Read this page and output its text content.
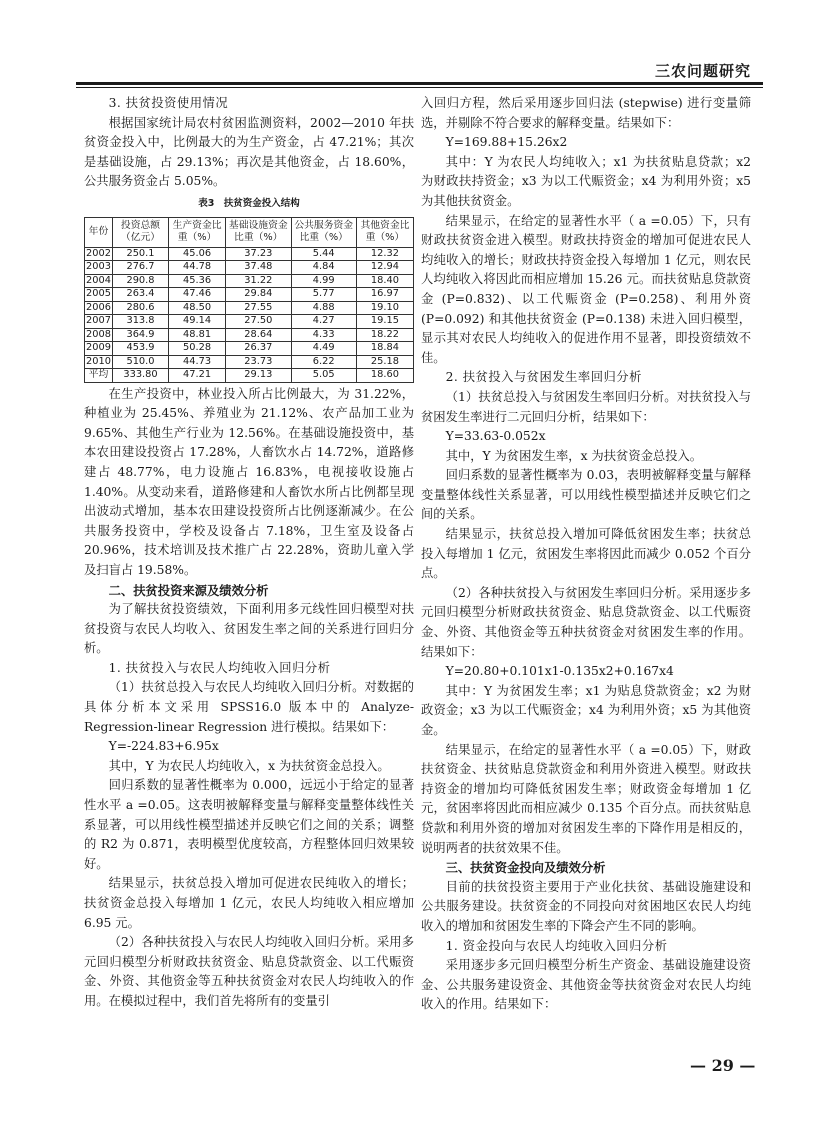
三农问题研究

3. 扶贫投资使用情况

根据国家统计局农村贫困监测资料，2002—2010 年扶贫资金投入中，比例最大的为生产资金，占 47.21%；其次是基础设施，占 29.13%；再次是其他资金，占 18.60%，公共服务资金占 5.05%。

表3　扶贫资金投入结构
年份	投资总额（亿元）	生产资金比重（%）	基础设施资金比重（%）	公共服务资金比重（%）	其他资金比重（%）
2002	250.1	45.06	37.23	5.44	12.32
2003	276.7	44.78	37.48	4.84	12.94
2004	290.8	45.36	31.22	4.99	18.40
2005	263.4	47.46	29.84	5.77	16.97
2006	280.6	48.50	27.55	4.88	19.10
2007	313.8	49.14	27.50	4.27	19.15
2008	364.9	48.81	28.64	4.33	18.22
2009	453.9	50.28	26.37	4.49	18.84
2010	510.0	44.73	23.73	6.22	25.18
平均	333.80	47.21	29.13	5.05	18.60

在生产投资中，林业投入所占比例最大，为 31.22%，种植业为 25.45%、养殖业为 21.12%、农产品加工业为 9.65%、其他生产行业为 12.56%。在基础设施投资中，基本农田建设投资占 17.28%，人畜饮水占 14.72%，道路修建占 48.77%，电力设施占 16.83%，电视接收设施占 1.40%。从变动来看，道路修建和人畜饮水所占比例都呈现出波动式增加，基本农田建设投资所占比例逐渐减少。在公共服务投资中，学校及设备占 7.18%，卫生室及设备占 20.96%，技术培训及技术推广占 22.28%，资助儿童入学及扫盲占 19.58%。

二、扶贫投资来源及绩效分析

为了解扶贫投资绩效，下面利用多元线性回归模型对扶贫投资与农民人均收入、贫困发生率之间的关系进行回归分析。

1. 扶贫投入与农民人均纯收入回归分析

（1）扶贫总投入与农民人均纯收入回归分析。对数据的具体分析本文采用 SPSS16.0 版本中的 Analyze-Regression-linear Regression 进行模拟。结果如下：

Y=-224.83+6.95x

其中，Y 为农民人均纯收入，x 为扶贫资金总投入。

回归系数的显著性概率为 0.000，远远小于给定的显著性水平 a =0.05。这表明被解释变量与解释变量整体线性关系显著，可以用线性模型描述并反映它们之间的关系；调整的 R2 为 0.871，表明模型优度较高，方程整体回归效果较好。

结果显示，扶贫总投入增加可促进农民纯收入的增长；扶贫资金总投入每增加 1 亿元，农民人均纯收入相应增加 6.95 元。

（2）各种扶贫投入与农民人均纯收入回归分析。采用多元回归模型分析财政扶贫资金、贴息贷款资金、以工代赈资金、外资、其他资金等五种扶贫资金对农民人均纯收入的作用。在模拟过程中，我们首先将所有的变量引

入回归方程，然后采用逐步回归法 (stepwise) 进行变量筛选，并剔除不符合要求的解释变量。结果如下：

Y=169.88+15.26x2

其中：Y 为农民人均纯收入；x1 为扶贫贴息贷款；x2 为财政扶持资金；x3 为以工代赈资金；x4 为利用外资；x5 为其他扶贫资金。

结果显示，在给定的显著性水平（ a =0.05）下，只有财政扶贫资金进入模型。财政扶持资金的增加可促进农民人均纯收入的增长；财政扶持资金投入每增加 1 亿元，则农民人均纯收入将因此而相应增加 15.26 元。而扶贫贴息贷款资金 (P=0.832)、以工代赈资金 (P=0.258)、利用外资 (P=0.092) 和其他扶贫资金 (P=0.138) 未进入回归模型，显示其对农民人均纯收入的促进作用不显著，即投资绩效不佳。

2. 扶贫投入与贫困发生率回归分析

（1）扶贫总投入与贫困发生率回归分析。对扶贫投入与贫困发生率进行二元回归分析，结果如下：

Y=33.63-0.052x

其中，Y 为贫困发生率，x 为扶贫资金总投入。

回归系数的显著性概率为 0.03，表明被解释变量与解释变量整体线性关系显著，可以用线性模型描述并反映它们之间的关系。

结果显示，扶贫总投入增加可降低贫困发生率；扶贫总投入每增加 1 亿元，贫困发生率将因此而减少 0.052 个百分点。

（2）各种扶贫投入与贫困发生率回归分析。采用逐步多元回归模型分析财政扶贫资金、贴息贷款资金、以工代赈资金、外资、其他资金等五种扶贫资金对贫困发生率的作用。结果如下：

Y=20.80+0.101x1-0.135x2+0.167x4

其中：Y 为贫困发生率；x1 为贴息贷款资金；x2 为财政资金；x3 为以工代赈资金；x4 为利用外资；x5 为其他资金。

结果显示，在给定的显著性水平（ a =0.05）下，财政扶贫资金、扶贫贴息贷款资金和利用外资进入模型。财政扶持资金的增加均可降低贫困发生率；财政资金每增加 1 亿元，贫困率将因此而相应减少 0.135 个百分点。而扶贫贴息贷款和利用外资的增加对贫困发生率的下降作用是相反的，说明两者的扶贫效果不佳。

三、扶贫资金投向及绩效分析

目前的扶贫投资主要用于产业化扶贫、基础设施建设和公共服务建设。扶贫资金的不同投向对贫困地区农民人均纯收入的增加和贫困发生率的下降会产生不同的影响。

1. 资金投向与农民人均纯收入回归分析

采用逐步多元回归模型分析生产资金、基础设施建设资金、公共服务建设资金、其他资金等扶贫资金对农民人均纯收入的作用。结果如下：

— 29 —
